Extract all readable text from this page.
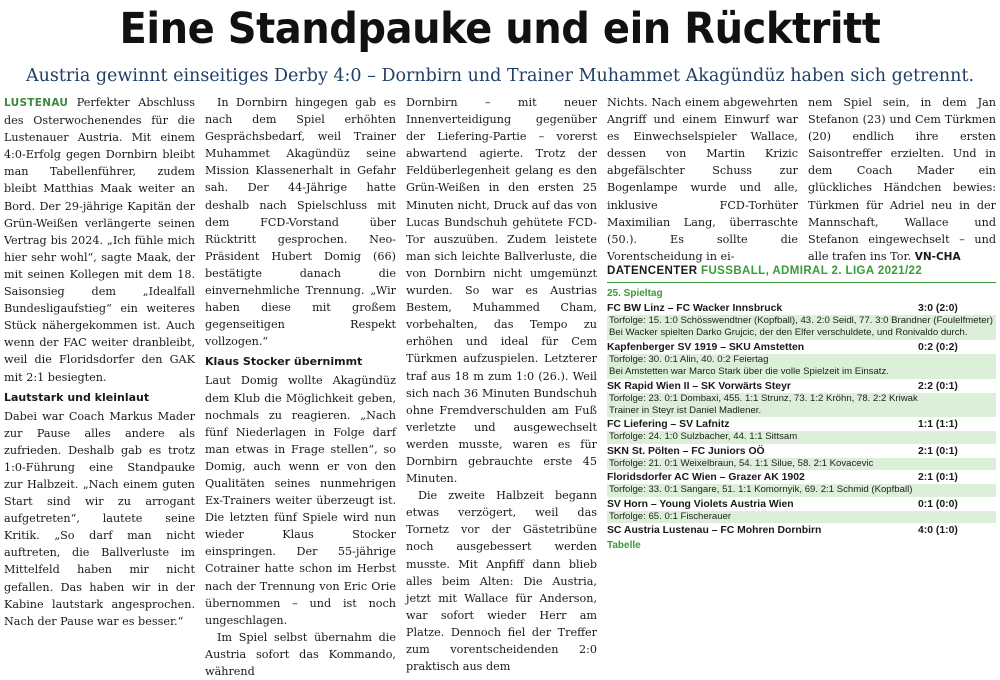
Eine Standpauke und ein Rücktritt
Austria gewinnt einseitiges Derby 4:0 – Dornbirn und Trainer Muhammet Akagündüz haben sich getrennt.

LUSTENAU Perfekter Abschluss des Osterwochenendes für die Lustenauer Austria. Mit einem 4:0-Erfolg gegen Dornbirn bleibt man Tabellenführer, zudem bleibt Matthias Maak weiter an Bord. Der 29-jährige Kapitän der Grün-Weißen verlängerte seinen Vertrag bis 2024. „Ich fühle mich hier sehr wohl“, sagte Maak, der mit seinen Kollegen mit dem 18. Saisonsieg dem „Idealfall Bundesligaufstieg“ ein weiteres Stück nähergekommen ist. Auch wenn der FAC weiter dranbleibt, weil die Floridsdorfer den GAK mit 2:1 besiegten.

Lautstark und kleinlaut

Dabei war Coach Markus Mader zur Pause alles andere als zufrieden. Deshalb gab es trotz 1:0-Führung eine Standpauke zur Halbzeit. „Nach einem guten Start sind wir zu arrogant aufgetreten“, lautete seine Kritik. „So darf man nicht auftreten, die Ballverluste im Mittelfeld haben mir nicht gefallen. Das haben wir in der Kabine lautstark angesprochen. Nach der Pause war es besser.“

In Dornbirn hingegen gab es nach dem Spiel erhöhten Gesprächsbedarf, weil Trainer Muhammet Akagündüz seine Mission Klassenerhalt in Gefahr sah. Der 44-Jährige hatte deshalb nach Spielschluss mit dem FCD-Vorstand über Rücktritt gesprochen. Neo-Präsident Hubert Domig (66) bestätigte danach die einvernehmliche Trennung. „Wir haben diese mit großem gegenseitigen Respekt vollzogen.“

Klaus Stocker übernimmt

Laut Domig wollte Akagündüz dem Klub die Möglichkeit geben, nochmals zu reagieren. „Nach fünf Niederlagen in Folge darf man etwas in Frage stellen“, so Domig, auch wenn er von den Qualitäten seines nunmehrigen Ex-Trainers weiter überzeugt ist. Die letzten fünf Spiele wird nun wieder Klaus Stocker einspringen. Der 55-jährige Cotrainer hatte schon im Herbst nach der Trennung von Eric Orie übernommen – und ist noch ungeschlagen.

Im Spiel selbst übernahm die Austria sofort das Kommando, während

Dornbirn – mit neuer Innenverteidigung gegenüber der Liefering-Partie – vorerst abwartend agierte. Trotz der Feldüberlegenheit gelang es den Grün-Weißen in den ersten 25 Minuten nicht, Druck auf das von Lucas Bundschuh gehütete FCD-Tor auszuüben. Zudem leistete man sich leichte Ballverluste, die von Dornbirn nicht umgemünzt wurden. So war es Austrias Bestem, Muhammed Cham, vorbehalten, das Tempo zu erhöhen und ideal für Cem Türkmen aufzuspielen. Letzterer traf aus 18 m zum 1:0 (26.). Weil sich nach 36 Minuten Bundschuh ohne Fremdverschulden am Fuß verletzte und ausgewechselt werden musste, waren es für Dornbirn gebrauchte erste 45 Minuten.

Die zweite Halbzeit begann etwas verzögert, weil das Tornetz vor der Gästetribüne noch ausgebessert werden musste. Mit Anpfiff dann blieb alles beim Alten: Die Austria, jetzt mit Wallace für Anderson, war sofort wieder Herr am Platze. Dennoch fiel der Treffer zum vorentscheidenden 2:0 praktisch aus dem

Nichts. Nach einem abgewehrten Angriff und einem Einwurf war es Einwechselspieler Wallace, dessen von Martin Krizic abgefälschter Schuss zur Bogenlampe wurde und alle, inklusive FCD-Torhüter Maximilian Lang, überraschte (50.). Es sollte die Vorentscheidung in ei-

nem Spiel sein, in dem Jan Stefanon (23) und Cem Türkmen (20) endlich ihre ersten Saisontreffer erzielten. Und in dem Coach Mader ein glückliches Händchen bewies: Türkmen für Adriel neu in der Mannschaft, Wallace und Stefanon eingewechselt – und alle trafen ins Tor. VN-CHA

DATENCENTER FUSSBALL, ADMIRAL 2. LIGA 2021/22
25. Spieltag
FC BW Linz – FC Wacker Innsbruck	3:0 (2:0)
Torfolge: 15. 1:0 Schösswendtner (Kopfball), 43. 2:0 Seidl, 77. 3:0 Brandner (Foulelfmeter)
Bei Wacker spielten Darko Grujcic, der den Elfer verschuldete, und Ronivaldo durch.
Kapfenberger SV 1919 – SKU Amstetten	0:2 (0:2)
Torfolge: 30. 0:1 Alin, 40. 0:2 Feiertag
Bei Amstetten war Marco Stark über die volle Spielzeit im Einsatz.
SK Rapid Wien II – SK Vorwärts Steyr	2:2 (0:1)
Torfolge: 23. 0:1 Dombaxi, 455. 1:1 Strunz, 73. 1:2 Kröhn, 78. 2:2 Kriwak
Trainer in Steyr ist Daniel Madlener.
FC Liefering – SV Lafnitz	1:1 (1:1)
Torfolge: 24. 1:0 Sulzbacher, 44. 1:1 Sittsam
SKN St. Pölten – FC Juniors OÖ	2:1 (0:1)
Torfolge: 21. 0:1 Weixelbraun, 54. 1:1 Silue, 58. 2:1 Kovacevic
Floridsdorfer AC Wien – Grazer AK 1902	2:1 (0:1)
Torfolge: 33. 0:1 Sangare, 51. 1:1 Komornyik, 69. 2:1 Schmid (Kopfball)
SV Horn – Young Violets Austria Wien	0:1 (0:0)
Torfolge: 65. 0:1 Fischerauer
SC Austria Lustenau – FC Mohren Dornbirn	4:0 (1:0)
Tabelle
